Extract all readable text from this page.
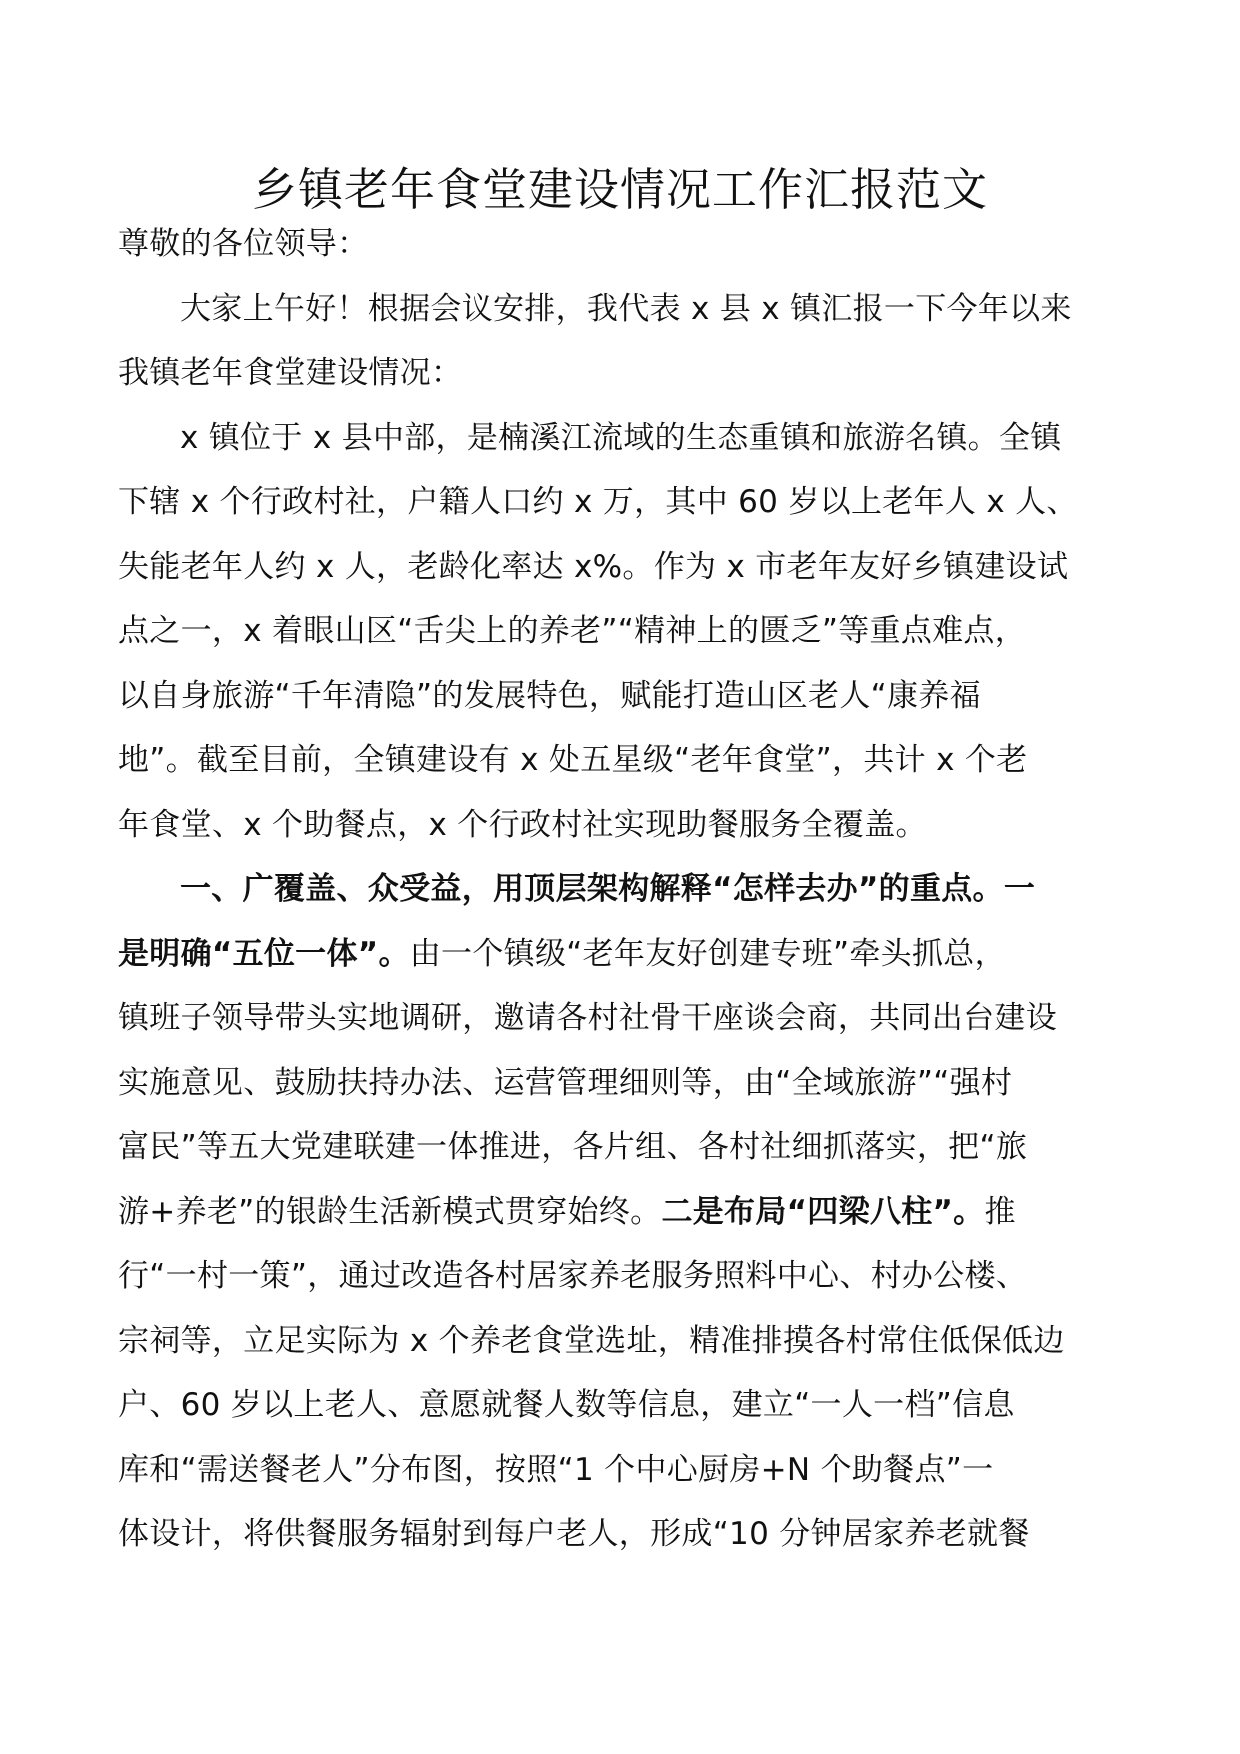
乡镇老年食堂建设情况工作汇报范文

尊敬的各位领导：

大家上午好！根据会议安排，我代表 x 县 x 镇汇报一下今年以来
我镇老年食堂建设情况：
x 镇位于 x 县中部，是楠溪江流域的生态重镇和旅游名镇。全镇
下辖 x 个行政村社，户籍人口约 x 万，其中 60 岁以上老年人 x 人、
失能老年人约 x 人，老龄化率达 x%。作为 x 市老年友好乡镇建设试
点之一，x 着眼山区“舌尖上的养老”“精神上的匮乏”等重点难点，
以自身旅游“千年清隐”的发展特色，赋能打造山区老人“康养福
地”。截至目前，全镇建设有 x 处五星级“老年食堂”，共计 x 个老
年食堂、x 个助餐点，x 个行政村社实现助餐服务全覆盖。
一、广覆盖、众受益，用顶层架构解释“怎样去办”的重点。一
是明确“五位一体”。由一个镇级“老年友好创建专班”牵头抓总，
镇班子领导带头实地调研，邀请各村社骨干座谈会商，共同出台建设
实施意见、鼓励扶持办法、运营管理细则等，由“全域旅游”“强村
富民”等五大党建联建一体推进，各片组、各村社细抓落实，把“旅
游+养老”的银龄生活新模式贯穿始终。二是布局“四梁八柱”。推
行“一村一策”，通过改造各村居家养老服务照料中心、村办公楼、
宗祠等，立足实际为 x 个养老食堂选址，精准排摸各村常住低保低边
户、60 岁以上老人、意愿就餐人数等信息，建立“一人一档”信息
库和“需送餐老人”分布图，按照“1 个中心厨房+N 个助餐点”一
体设计，将供餐服务辐射到每户老人，形成“10 分钟居家养老就餐
